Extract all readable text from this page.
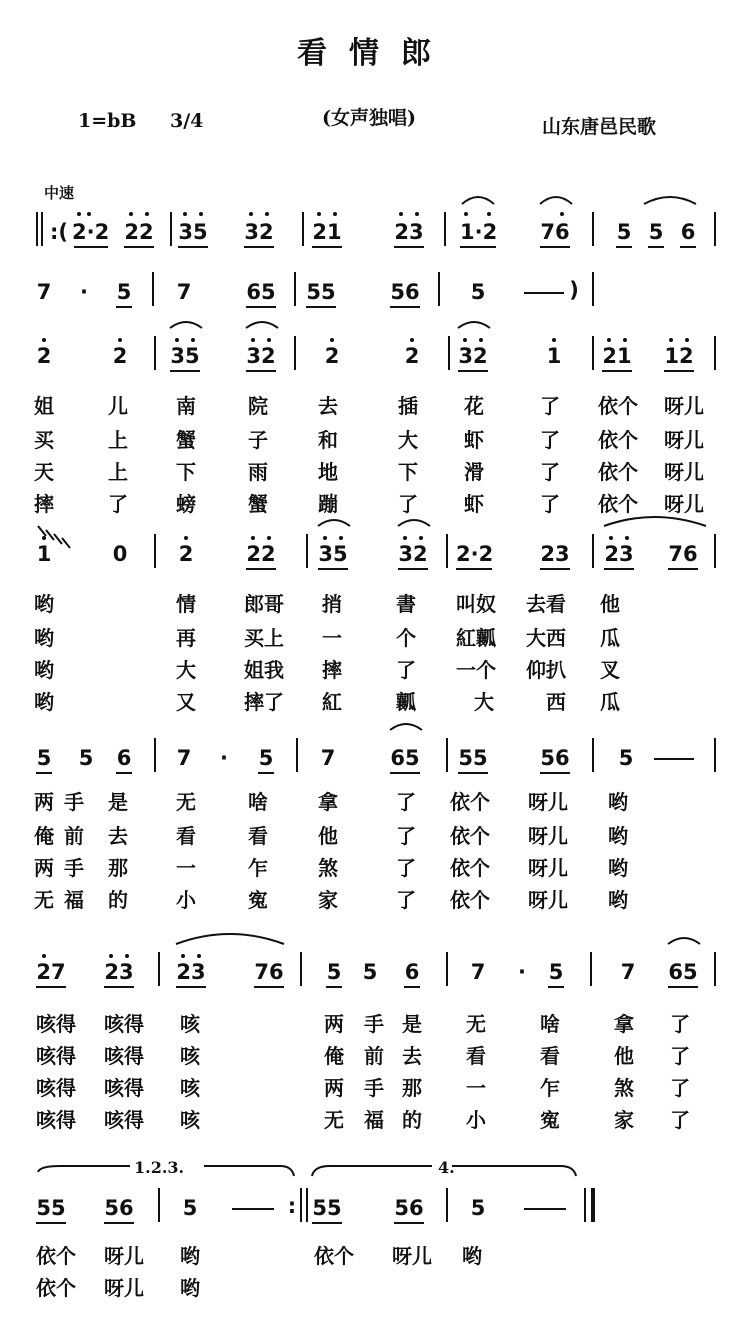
看情郎
1=bB 3/4	(女声独唱)	山东唐邑民歌
中速
:( 2·2 22 35 32 21	23 1·2 76 5 5 6
7 · 5 7	65 55	56 5	)
2	2 35 32 2	2 32	1 21 12
姐	儿 南	院	去	插 花	了 依个 呀儿
买	上 蟹	子	和	大 虾	了 依个 呀儿
天	上 下	雨	地	下 滑	了 依个 呀儿
摔	了 螃	蟹	蹦	了 虾	了 依个 呀儿
1	0 2	22 35 32 2·2 23 23 76
哟	情 郎哥 捎	書 叫奴 去看 他
哟	再 买上 一	个 紅瓤 大西 瓜
哟	大 姐我 摔	了 一个 仰扒 叉
哟	又 摔了 紅	瓤	大	西 瓜
5 5 6 7 · 5 7	65 55	56 5
两 手 是 无	啥	拿	了 依个 呀儿 哟
俺 前 去 看	看	他	了 依个 呀儿 哟
两 手 那 一	乍	煞	了 依个 呀儿 哟
无 福 的 小	寃	家	了 依个 呀儿 哟
27 23 23 76 5 5 6 7 · 5	7 65
咳得 咳得 咳	两 手 是 无	啥	拿 了
咳得 咳得 咳	俺 前 去 看	看	他 了
咳得 咳得 咳	两 手 那 一	乍	煞 了
咳得 咳得 咳	无 福 的 小	寃	家 了
1.2.3.	4.
55 56 5	: 55	56 5
依个 呀儿 哟	依个 呀儿 哟
依个 呀儿 哟
